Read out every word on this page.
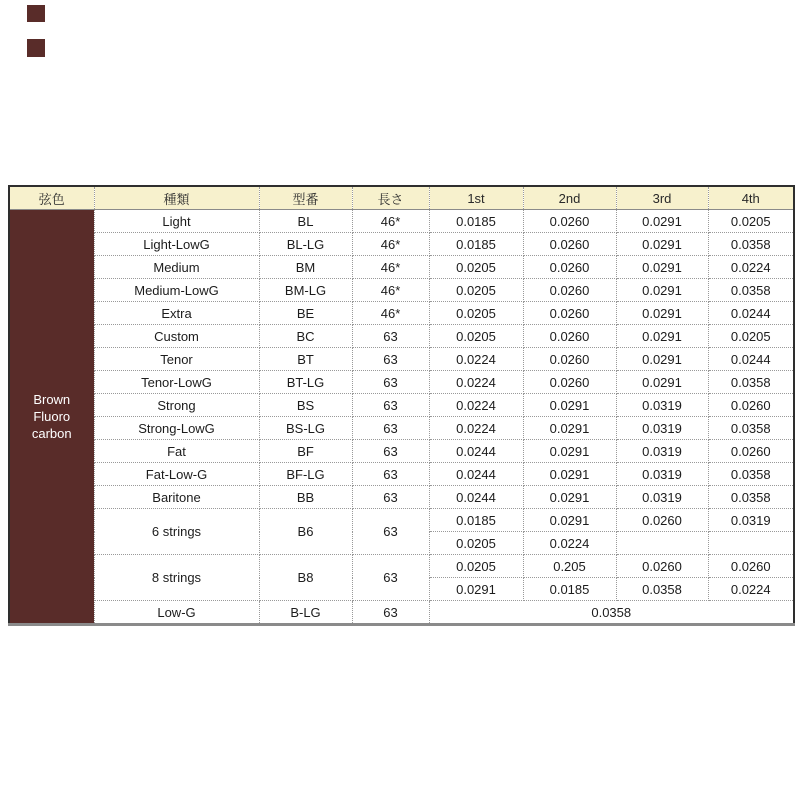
弦色	種類	型番	長さ	1st	2nd	3rd	4th

Brown
Fluoro
carbon	Light	BL	46*	0.0185	0.0260	0.0291	0.0205
	Light-LowG	BL-LG	46*	0.0185	0.0260	0.0291	0.0358
	Medium	BM	46*	0.0205	0.0260	0.0291	0.0224
	Medium-LowG	BM-LG	46*	0.0205	0.0260	0.0291	0.0358
	Extra	BE	46*	0.0205	0.0260	0.0291	0.0244
	Custom	BC	63	0.0205	0.0260	0.0291	0.0205
	Tenor	BT	63	0.0224	0.0260	0.0291	0.0244
	Tenor-LowG	BT-LG	63	0.0224	0.0260	0.0291	0.0358
	Strong	BS	63	0.0224	0.0291	0.0319	0.0260
	Strong-LowG	BS-LG	63	0.0224	0.0291	0.0319	0.0358
	Fat	BF	63	0.0244	0.0291	0.0319	0.0260
	Fat-Low-G	BF-LG	63	0.0244	0.0291	0.0319	0.0358
	Baritone	BB	63	0.0244	0.0291	0.0319	0.0358
	6 strings	B6	63	0.0185	0.0291	0.0260	0.0319
				0.0205	0.0224		
	8 strings	B8	63	0.0205	0.205	0.0260	0.0260
				0.0291	0.0185	0.0358	0.0224
	Low-G	B-LG	63	0.0358			
